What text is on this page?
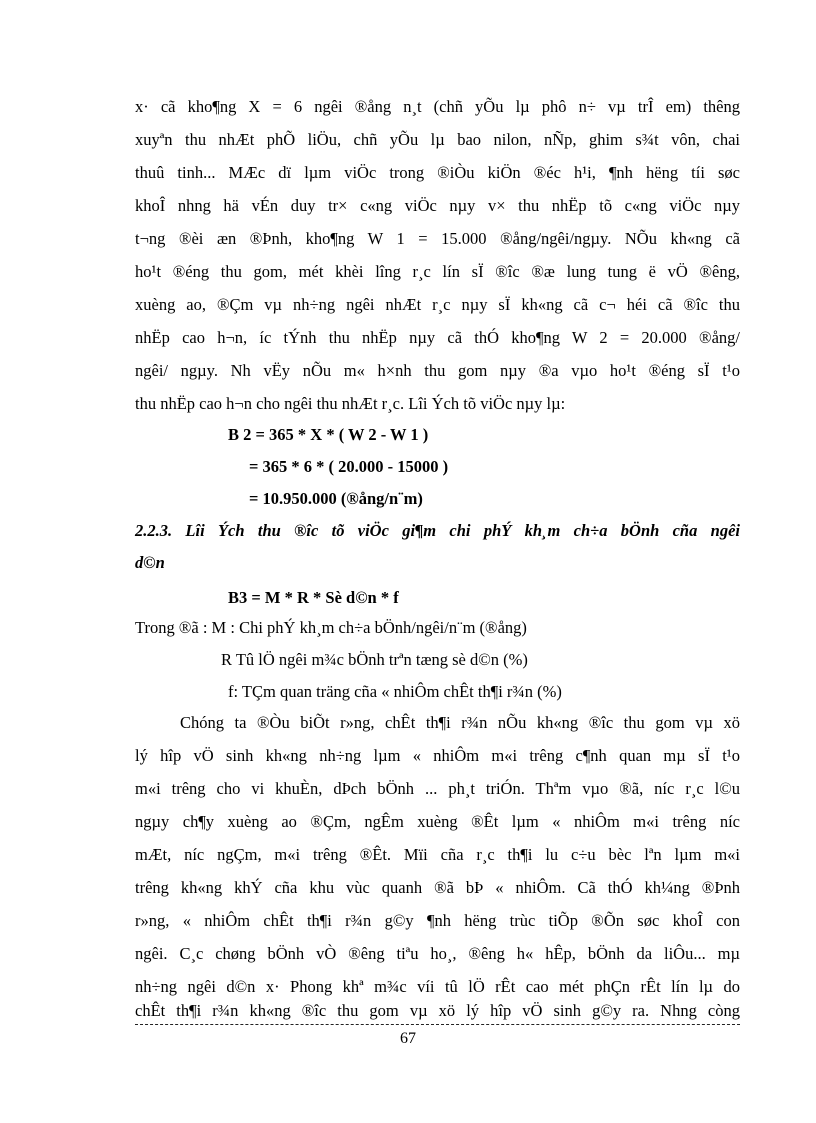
x· cã kho¶ng X = 6 ngêi ®ång n¸t (chñ yÕu lµ phô n÷ vµ trÎ em) thêng
xuyªn thu nhÆt phÕ liÖu, chñ yÕu lµ bao nilon, nÑp, ghim s¾t vôn, chai
thuû tinh... MÆc dï lµm viÖc trong ®iÒu kiÖn ®éc h¹i, ¶nh hëng tíi søc
khoÎ nhng hä vÉn duy tr× c«ng viÖc nµy v× thu nhËp tõ c«ng viÖc nµy
t¬ng ®èi æn ®Þnh, kho¶ng W 1 = 15.000 ®ång/ngêi/ngµy. NÕu kh«ng cã
ho¹t ®éng thu gom, mét khèi lîng r¸c lín sÏ ®îc ®æ lung tung ë vÖ ®êng,
xuèng ao, ®Çm vµ nh÷ng ngêi nhÆt r¸c nµy sÏ kh«ng cã c¬ héi cã ®îc thu
nhËp cao h¬n, íc tÝnh thu nhËp nµy cã thÓ kho¶ng W 2 = 20.000 ®ång/
ngêi/ ngµy. Nh vËy nÕu m« h×nh thu gom nµy ®a vµo ho¹t ®éng sÏ t¹o
thu nhËp cao h¬n cho ngêi thu nhÆt r¸c. Lîi Ých tõ viÖc nµy lµ:
B 2 = 365 * X * ( W 2 - W 1 )
= 365 * 6 * ( 20.000 - 15000 )
= 10.950.000 (®ång/n¨m)
2.2.3. Lîi Ých thu ®îc tõ viÖc gi¶m chi phÝ kh¸m ch÷a bÖnh cña ngêi
d©n
B3 = M * R * Sè d©n * f
Trong ®ã : M : Chi phÝ kh¸m ch÷a bÖnh/ngêi/n¨m (®ång)
R Tû lÖ ngêi m¾c bÖnh trªn tæng sè d©n (%)
f: TÇm quan träng cña « nhiÔm chÊt th¶i r¾n (%)
Chóng ta ®Òu biÕt r»ng, chÊt th¶i r¾n nÕu kh«ng ®îc thu gom vµ xö
lý hîp vÖ sinh kh«ng nh÷ng lµm « nhiÔm m«i trêng c¶nh quan mµ sÏ t¹o
m«i trêng cho vi khuÈn, dÞch bÖnh ... ph¸t triÓn. Thªm vµo ®ã, níc r¸c l©u
ngµy ch¶y xuèng ao ®Çm, ngÊm xuèng ®Êt lµm « nhiÔm m«i trêng níc
mÆt, níc ngÇm, m«i trêng ®Êt. Mïi cña r¸c th¶i lu c÷u bèc lªn lµm m«i
trêng kh«ng khÝ cña khu vùc quanh ®ã bÞ « nhiÔm. Cã thÓ kh¼ng ®Þnh
r»ng, « nhiÔm chÊt th¶i r¾n g©y ¶nh hëng trùc tiÕp ®Õn søc khoÎ con
ngêi. C¸c chøng bÖnh vÒ ®êng tiªu ho¸, ®êng h« hÊp, bÖnh da liÔu... mµ
nh÷ng ngêi d©n x· Phong khª m¾c víi tû lÖ rÊt cao mét phÇn rÊt lín lµ do
chÊt th¶i r¾n kh«ng ®îc thu gom vµ xö lý hîp vÖ sinh g©y ra. Nhng còng
67
